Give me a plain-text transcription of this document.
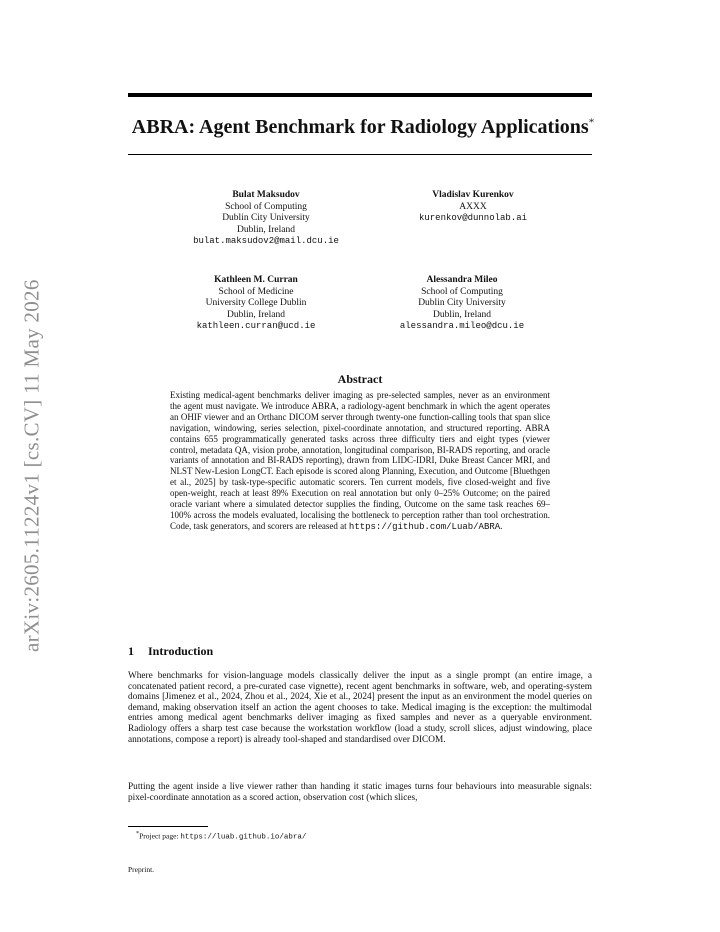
arXiv:2605.11224v1 [cs.CV] 11 May 2026
ABRA: Agent Benchmark for Radiology Applications*
Bulat Maksudov
School of Computing
Dublin City University
Dublin, Ireland
bulat.maksudov2@mail.dcu.ie
Vladislav Kurenkov
AXXX
kurenkov@dunnolab.ai
Kathleen M. Curran
School of Medicine
University College Dublin
Dublin, Ireland
kathleen.curran@ucd.ie
Alessandra Mileo
School of Computing
Dublin City University
Dublin, Ireland
alessandra.mileo@dcu.ie
Abstract
Existing medical-agent benchmarks deliver imaging as pre-selected samples, never as an environment the agent must navigate. We introduce ABRA, a radiology-agent benchmark in which the agent operates an OHIF viewer and an Orthanc DICOM server through twenty-one function-calling tools that span slice navigation, windowing, series selection, pixel-coordinate annotation, and structured reporting. ABRA contains 655 programmatically generated tasks across three difficulty tiers and eight types (viewer control, metadata QA, vision probe, annotation, longitudinal comparison, BI-RADS reporting, and oracle variants of annotation and BI-RADS reporting), drawn from LIDC-IDRI, Duke Breast Cancer MRI, and NLST New-Lesion LongCT. Each episode is scored along Planning, Execution, and Outcome [Bluethgen et al., 2025] by task-type-specific automatic scorers. Ten current models, five closed-weight and five open-weight, reach at least 89% Execution on real annotation but only 0–25% Outcome; on the paired oracle variant where a simulated detector supplies the finding, Outcome on the same task reaches 69–100% across the models evaluated, localising the bottleneck to perception rather than tool orchestration. Code, task generators, and scorers are released at https://github.com/Luab/ABRA.
1 Introduction
Where benchmarks for vision-language models classically deliver the input as a single prompt (an entire image, a concatenated patient record, a pre-curated case vignette), recent agent benchmarks in software, web, and operating-system domains [Jimenez et al., 2024, Zhou et al., 2024, Xie et al., 2024] present the input as an environment the model queries on demand, making observation itself an action the agent chooses to take. Medical imaging is the exception: the multimodal entries among medical agent benchmarks deliver imaging as fixed samples and never as a queryable environment. Radiology offers a sharp test case because the workstation workflow (load a study, scroll slices, adjust windowing, place annotations, compose a report) is already tool-shaped and standardised over DICOM.
Putting the agent inside a live viewer rather than handing it static images turns four behaviours into measurable signals: pixel-coordinate annotation as a scored action, observation cost (which slices,
*Project page: https://luab.github.io/abra/
Preprint.
